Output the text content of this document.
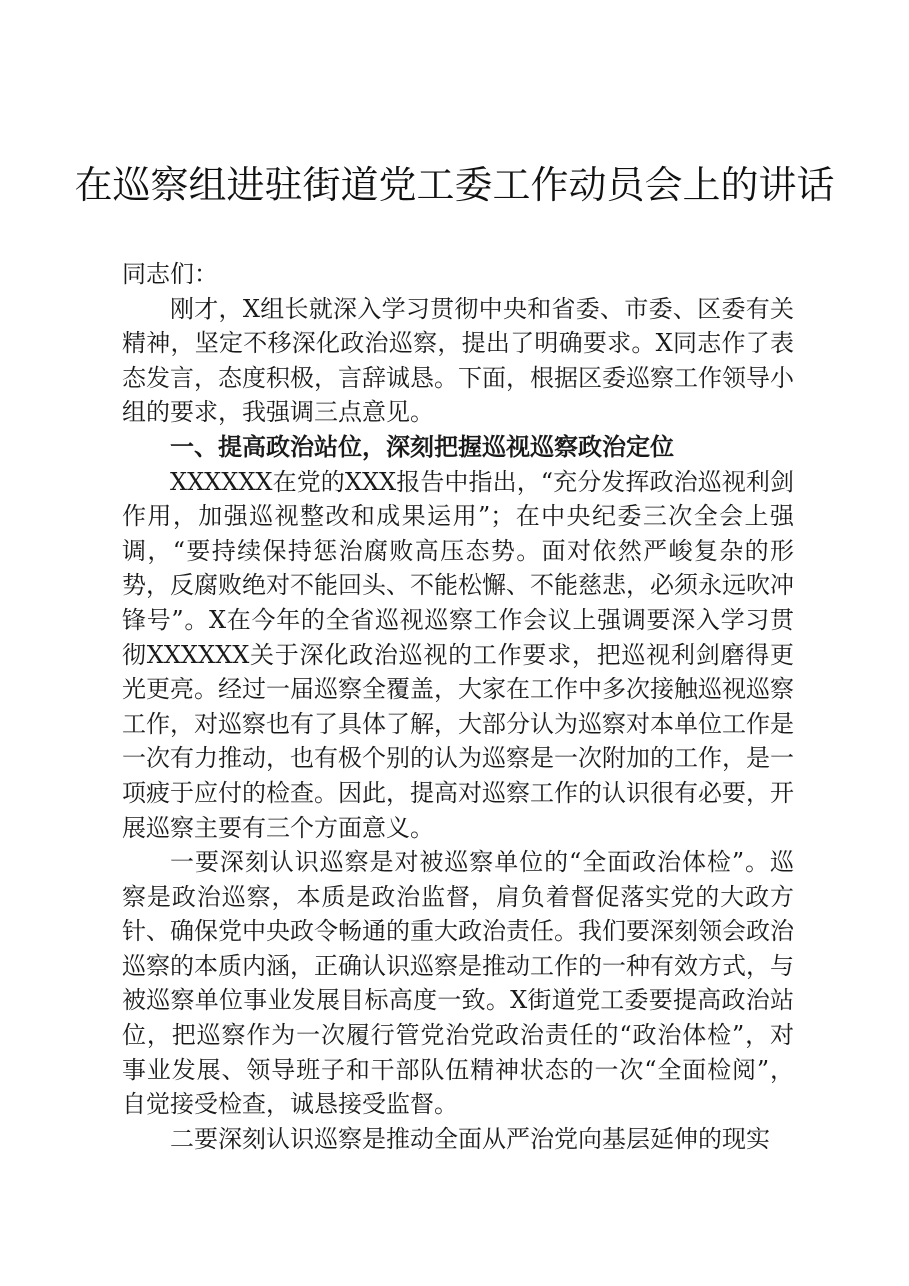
在巡察组进驻街道党工委工作动员会上的讲话

同志们：

刚才，X组长就深入学习贯彻中央和省委、市委、区委有关精神，坚定不移深化政治巡察，提出了明确要求。X同志作了表态发言，态度积极，言辞诚恳。下面，根据区委巡察工作领导小组的要求，我强调三点意见。

一、提高政治站位，深刻把握巡视巡察政治定位

XXXXXX在党的XXX报告中指出，“充分发挥政治巡视利剑作用，加强巡视整改和成果运用”；在中央纪委三次全会上强调，“要持续保持惩治腐败高压态势。面对依然严峻复杂的形势，反腐败绝对不能回头、不能松懈、不能慈悲，必须永远吹冲锋号”。X在今年的全省巡视巡察工作会议上强调要深入学习贯彻XXXXXX关于深化政治巡视的工作要求，把巡视利剑磨得更光更亮。经过一届巡察全覆盖，大家在工作中多次接触巡视巡察工作，对巡察也有了具体了解，大部分认为巡察对本单位工作是一次有力推动，也有极个别的认为巡察是一次附加的工作，是一项疲于应付的检查。因此，提高对巡察工作的认识很有必要，开展巡察主要有三个方面意义。

一要深刻认识巡察是对被巡察单位的“全面政治体检”。巡察是政治巡察，本质是政治监督，肩负着督促落实党的大政方针、确保党中央政令畅通的重大政治责任。我们要深刻领会政治巡察的本质内涵，正确认识巡察是推动工作的一种有效方式，与被巡察单位事业发展目标高度一致。X街道党工委要提高政治站位，把巡察作为一次履行管党治党政治责任的“政治体检”，对事业发展、领导班子和干部队伍精神状态的一次“全面检阅”，自觉接受检查，诚恳接受监督。

二要深刻认识巡察是推动全面从严治党向基层延伸的现实
